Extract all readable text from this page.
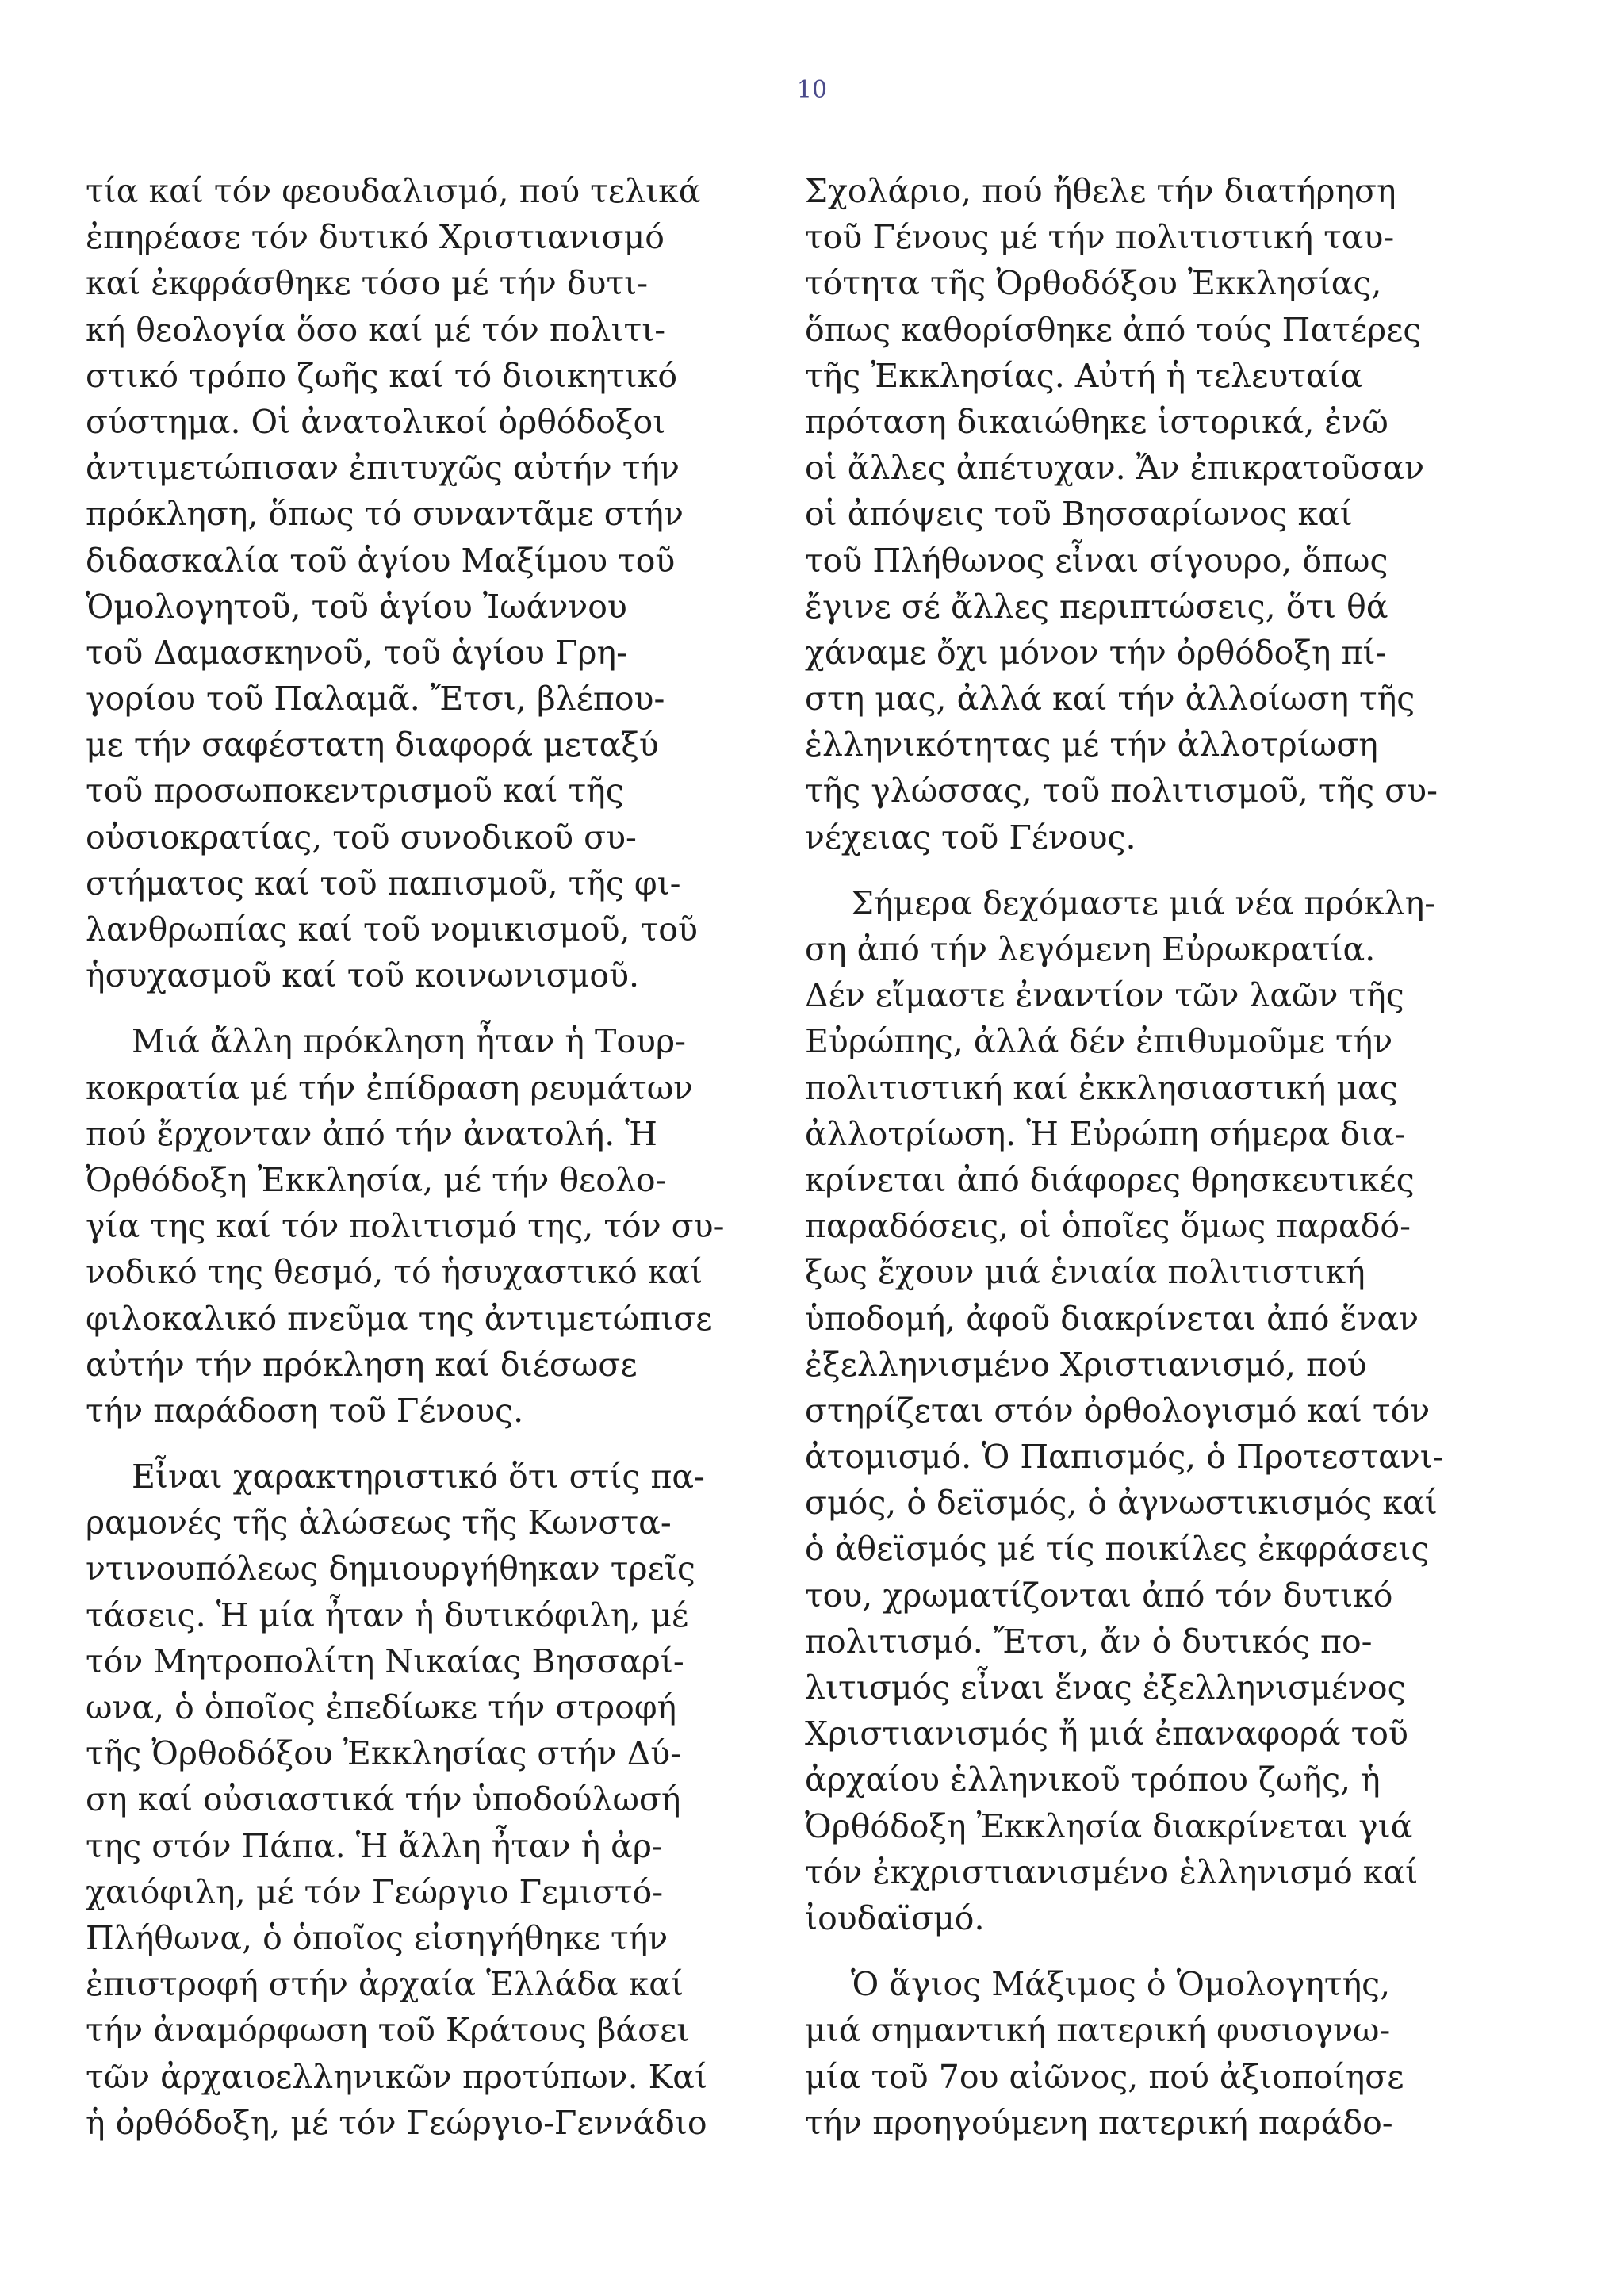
10
τία καί τόν φεουδαλισμό, πού τελικά
ἐπηρέασε τόν δυτικό Χριστιανισμό
καί ἐκφράσθηκε τόσο μέ τήν δυτι-
κή θεολογία ὅσο καί μέ τόν πολιτι-
στικό τρόπο ζωῆς καί τό διοικητικό
σύστημα. Οἱ ἀνατολικοί ὀρθόδοξοι
ἀντιμετώπισαν ἐπιτυχῶς αὐτήν τήν
πρόκληση, ὅπως τό συναντᾶμε στήν
διδασκαλία τοῦ ἁγίου Μαξίμου τοῦ
Ὁμολογητοῦ, τοῦ ἁγίου Ἰωάννου
τοῦ Δαμασκηνοῦ, τοῦ ἁγίου Γρη-
γορίου τοῦ Παλαμᾶ. Ἔτσι, βλέπου-
με τήν σαφέστατη διαφορά μεταξύ
τοῦ προσωποκεντρισμοῦ καί τῆς
οὐσιοκρατίας, τοῦ συνοδικοῦ συ-
στήματος καί τοῦ παπισμοῦ, τῆς φι-
λανθρωπίας καί τοῦ νομικισμοῦ, τοῦ
ἡσυχασμοῦ καί τοῦ κοινωνισμοῦ.
Μιά ἄλλη πρόκληση ἦταν ἡ Τουρ-
κοκρατία μέ τήν ἐπίδραση ρευμάτων
πού ἔρχονταν ἀπό τήν ἀνατολή. Ἡ
Ὀρθόδοξη Ἐκκλησία, μέ τήν θεολο-
γία της καί τόν πολιτισμό της, τόν συ-
νοδικό της θεσμό, τό ἡσυχαστικό καί
φιλοκαλικό πνεῦμα της ἀντιμετώπισε
αὐτήν τήν πρόκληση καί διέσωσε
τήν παράδοση τοῦ Γένους.
Εἶναι χαρακτηριστικό ὅτι στίς πα-
ραμονές τῆς ἁλώσεως τῆς Κωνστα-
ντινουπόλεως δημιουργήθηκαν τρεῖς
τάσεις. Ἡ μία ἦταν ἡ δυτικόφιλη, μέ
τόν Μητροπολίτη Νικαίας Βησσαρί-
ωνα, ὁ ὁποῖος ἐπεδίωκε τήν στροφή
τῆς Ὀρθοδόξου Ἐκκλησίας στήν Δύ-
ση καί οὐσιαστικά τήν ὑποδούλωσή
της στόν Πάπα. Ἡ ἄλλη ἦταν ἡ ἀρ-
χαιόφιλη, μέ τόν Γεώργιο Γεμιστό-
Πλήθωνα, ὁ ὁποῖος εἰσηγήθηκε τήν
ἐπιστροφή στήν ἀρχαία Ἑλλάδα καί
τήν ἀναμόρφωση τοῦ Κράτους βάσει
τῶν ἀρχαιοελληνικῶν προτύπων. Καί
ἡ ὀρθόδοξη, μέ τόν Γεώργιο-Γεννάδιο
Σχολάριο, πού ἤθελε τήν διατήρηση
τοῦ Γένους μέ τήν πολιτιστική ταυ-
τότητα τῆς Ὀρθοδόξου Ἐκκλησίας,
ὅπως καθορίσθηκε ἀπό τούς Πατέρες
τῆς Ἐκκλησίας. Αὐτή ἡ τελευταία
πρόταση δικαιώθηκε ἱστορικά, ἐνῶ
οἱ ἄλλες ἀπέτυχαν. Ἄν ἐπικρατοῦσαν
οἱ ἀπόψεις τοῦ Βησσαρίωνος καί
τοῦ Πλήθωνος εἶναι σίγουρο, ὅπως
ἔγινε σέ ἄλλες περιπτώσεις, ὅτι θά
χάναμε ὄχι μόνον τήν ὀρθόδοξη πί-
στη μας, ἀλλά καί τήν ἀλλοίωση τῆς
ἑλληνικότητας μέ τήν ἀλλοτρίωση
τῆς γλώσσας, τοῦ πολιτισμοῦ, τῆς συ-
νέχειας τοῦ Γένους.
Σήμερα δεχόμαστε μιά νέα πρόκλη-
ση ἀπό τήν λεγόμενη Εὐρωκρατία.
Δέν εἴμαστε ἐναντίον τῶν λαῶν τῆς
Εὐρώπης, ἀλλά δέν ἐπιθυμοῦμε τήν
πολιτιστική καί ἐκκλησιαστική μας
ἀλλοτρίωση. Ἡ Εὐρώπη σήμερα δια-
κρίνεται ἀπό διάφορες θρησκευτικές
παραδόσεις, οἱ ὁποῖες ὅμως παραδό-
ξως ἔχουν μιά ἑνιαία πολιτιστική
ὑποδομή, ἀφοῦ διακρίνεται ἀπό ἕναν
ἐξελληνισμένο Χριστιανισμό, πού
στηρίζεται στόν ὀρθολογισμό καί τόν
ἀτομισμό. Ὁ Παπισμός, ὁ Προτεστανι-
σμός, ὁ δεϊσμός, ὁ ἀγνωστικισμός καί
ὁ ἀθεϊσμός μέ τίς ποικίλες ἐκφράσεις
του, χρωματίζονται ἀπό τόν δυτικό
πολιτισμό. Ἔτσι, ἄν ὁ δυτικός πο-
λιτισμός εἶναι ἕνας ἐξελληνισμένος
Χριστιανισμός ἤ μιά ἐπαναφορά τοῦ
ἀρχαίου ἑλληνικοῦ τρόπου ζωῆς, ἡ
Ὀρθόδοξη Ἐκκλησία διακρίνεται γιά
τόν ἐκχριστιανισμένο ἑλληνισμό καί
ἰουδαϊσμό.
Ὁ ἅγιος Μάξιμος ὁ Ὁμολογητής,
μιά σημαντική πατερική φυσιογνω-
μία τοῦ 7ου αἰῶνος, πού ἀξιοποίησε
τήν προηγούμενη πατερική παράδο-
